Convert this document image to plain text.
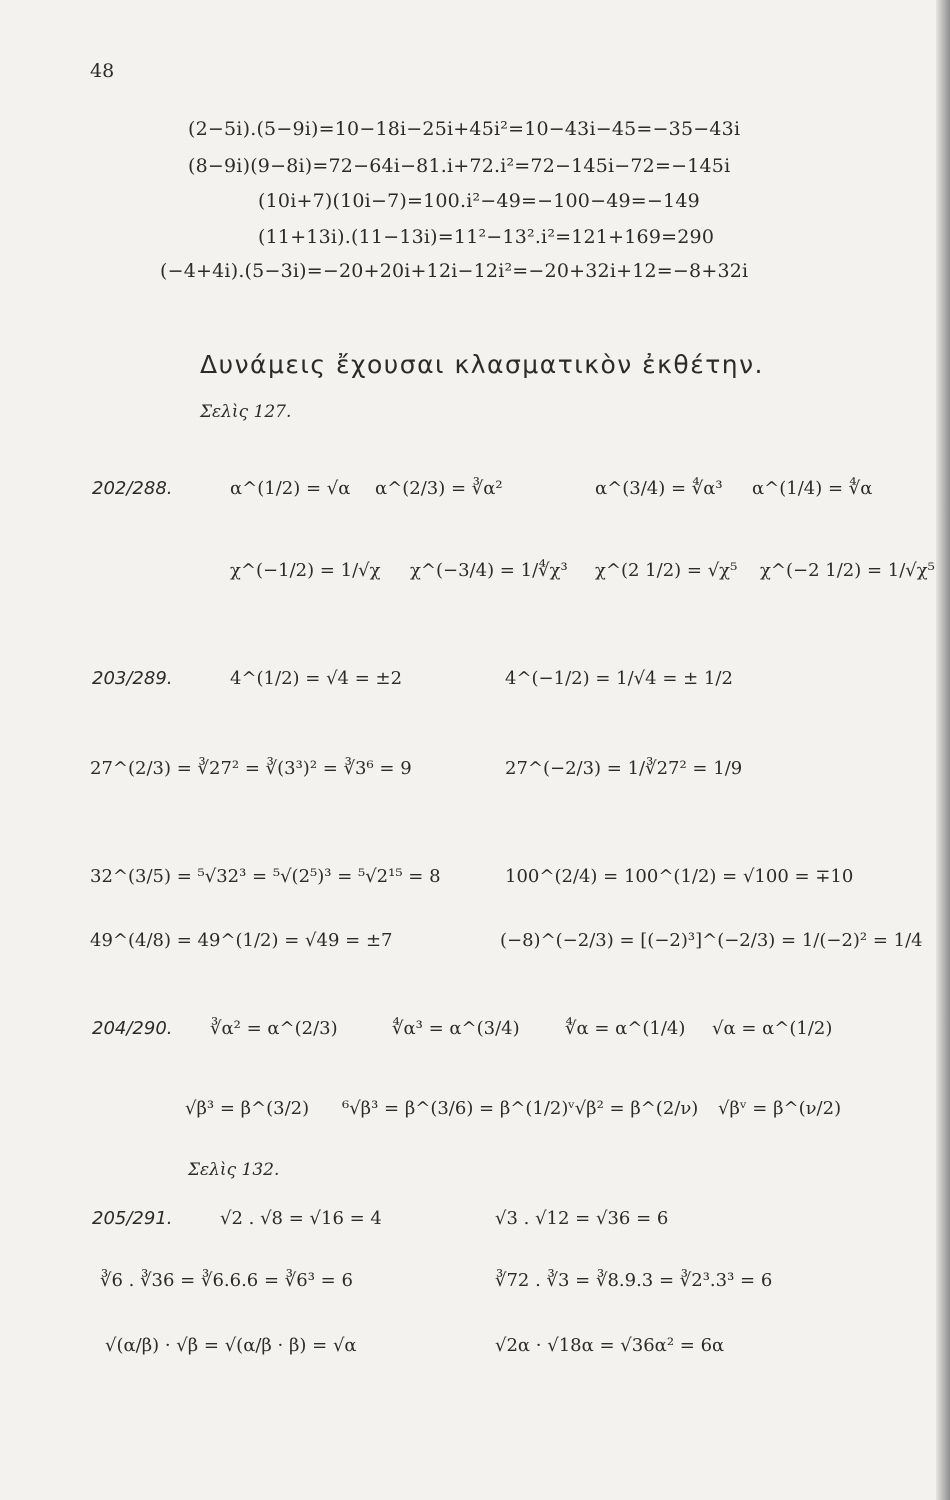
48
(2−5i).(5−9i)=10−18i−25i+45i²=10−43i−45=−35−43i
(8−9i)(9−8i)=72−64i−81.i+72.i²=72−145i−72=−145i
(10i+7)(10i−7)=100.i²−49=−100−49=−149
(11+13i).(11−13i)=11²−13².i²=121+169=290
(−4+4i).(5−3i)=−20+20i+12i−12i²=−20+32i+12=−8+32i
Δυνάμεις ἔχουσαι κλασματικὸν ἐκθέτην.
Σελὶς 127.
202/288.	α^(1/2) = √α α^(2/3) = ∛α²	α^(3/4) = ∜α³ α^(1/4) = ∜α
χ^(−1/2) = 1/√χ χ^(−3/4) = 1/∜χ³ χ^(2 1/2) = √χ⁵ χ^(−2 1/2) = 1/√χ⁵
203/289.	4^(1/2) = √4 = ±2	4^(−1/2) = 1/√4 = ± 1/2
27^(2/3) = ∛27² = ∛(3³)² = ∛3⁶ = 9	27^(−2/3) = 1/∛27² = 1/9
32^(3/5) = ⁵√32³ = ⁵√(2⁵)³ = ⁵√2¹⁵ = 8	100^(2/4) = 100^(1/2) = √100 = ∓10
49^(4/8) = 49^(1/2) = √49 = ±7	(−8)^(−2/3) = [(−2)³]^(−2/3) = 1/(−2)² = 1/4
204/290. ∛α² = α^(2/3)	∜α³ = α^(3/4)	∜α = α^(1/4) √α = α^(1/2)
√β³ = β^(3/2) ⁶√β³ = β^(3/6) = β^(1/2) ᵛ√β² = β^(2/ν) √βᵛ = β^(ν/2)
Σελὶς 132.
205/291.	√2 . √8 = √16 = 4	√3 . √12 = √36 = 6
∛6 . ∛36 = ∛6.6.6 = ∛6³ = 6	∛72 . ∛3 = ∛8.9.3 = ∛2³.3³ = 6
√(α/β) · √β = √(α/β · β) = √α	√2α · √18α = √36α² = 6α
